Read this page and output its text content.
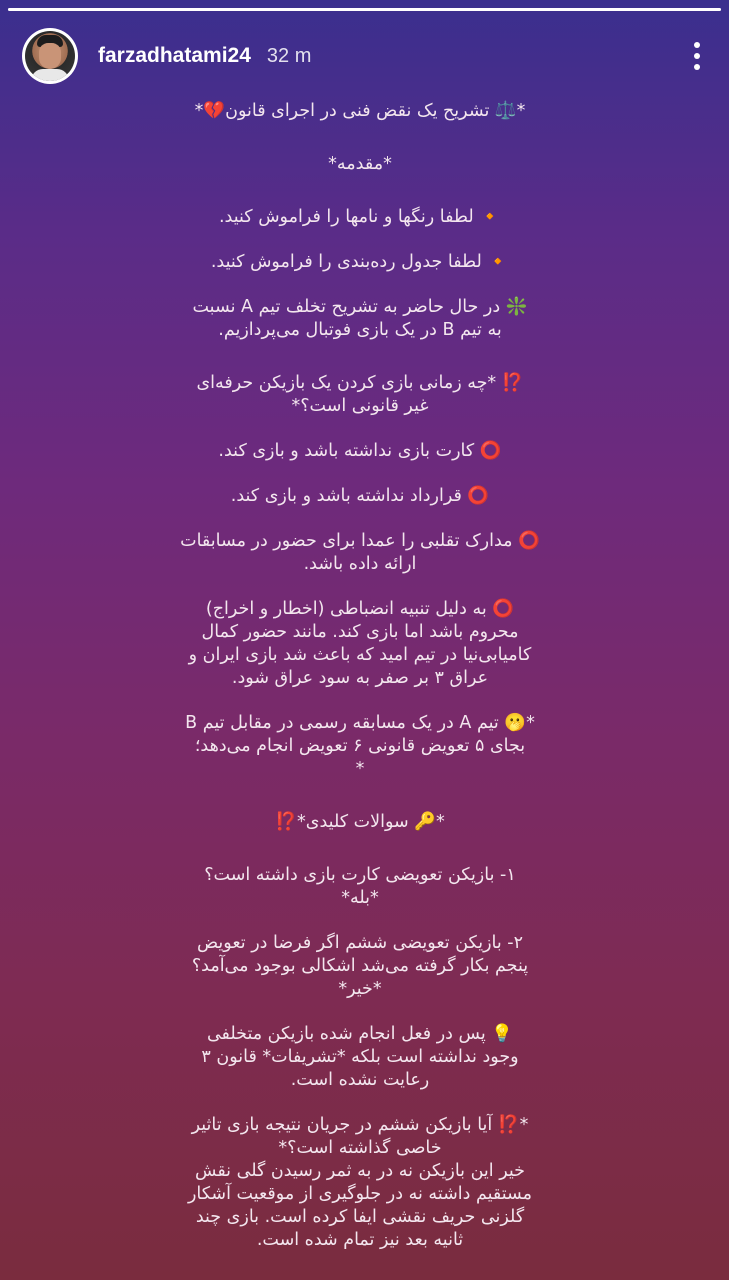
farzadhatami24 32 m

*⚖️ تشریح یک نقض فنی در اجرای قانون💔*

*مقدمه*

🔸 لطفا رنگها و نامها را فراموش کنید.

🔸 لطفا جدول رده‌بندی را فراموش کنید.

❇️ در حال حاضر به تشریح تخلف تیم A نسبت

به تیم B در یک بازی فوتبال می‌پردازیم.

⁉️ *چه زمانی بازی کردن یک بازیکن حرفه‌ای

غیر قانونی است؟*

⭕ کارت بازی نداشته باشد و بازی کند.

⭕ قرارداد نداشته باشد و بازی کند.

⭕ مدارک تقلبی را عمدا برای حضور در مسابقات

ارائه داده باشد.

⭕ به دلیل تنبیه انضباطی (اخطار و اخراج)

محروم باشد اما بازی کند. مانند حضور کمال

کامیابی‌نیا در تیم امید که باعث شد بازی ایران و

عراق ۳ بر صفر به سود عراق شود.

*🫢 تیم A در یک مسابقه رسمی در مقابل تیم B

بجای ۵ تعویض قانونی ۶ تعویض انجام می‌دهد؛

*

*🔑 سوالات کلیدی*⁉️

۱- بازیکن تعویضی کارت بازی داشته است؟

*بله*

۲- بازیکن تعویضی ششم اگر فرضا در تعویض

پنجم بکار گرفته می‌شد اشکالی بوجود می‌آمد؟

*خیر*

💡 پس در فعل انجام شده بازیکن متخلفی

وجود نداشته است بلکه *تشریفات* قانون ۳

رعایت نشده است.

*⁉️ آیا بازیکن ششم در جریان نتیجه بازی تاثیر

خاصی گذاشته است؟*

خیر این بازیکن نه در به ثمر رسیدن گلی نقش

مستقیم داشته نه در جلوگیری از موقعیت آشکار

گلزنی حریف نقشی ایفا کرده است. بازی چند

ثانیه بعد نیز تمام شده است.
